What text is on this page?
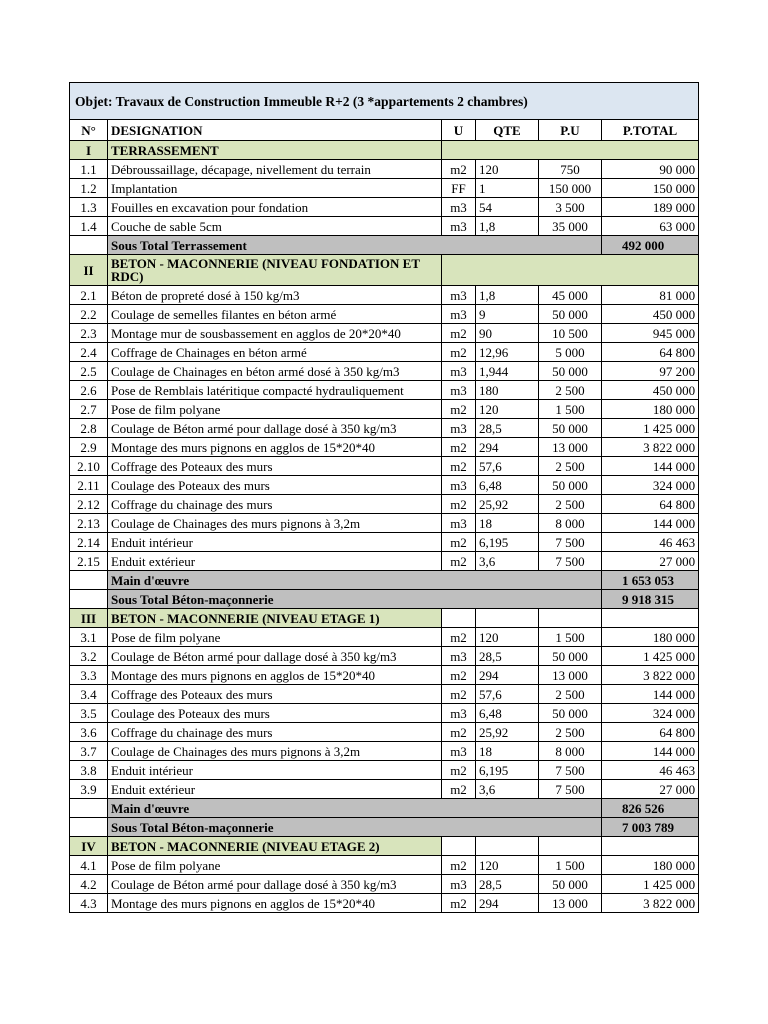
Objet: Travaux de Construction Immeuble R+2 (3 *appartements 2 chambres)					
N°	DESIGNATION	U	QTE	P.U	P.TOTAL
I	TERRASSEMENT				
1.1	Débroussaillage, décapage, nivellement du terrain	m2	120	750	90 000
1.2	Implantation	FF	1	150 000	150 000
1.3	Fouilles en excavation pour fondation	m3	54	3 500	189 000
1.4	Couche de sable 5cm	m3	1,8	35 000	63 000
	Sous Total Terrassement				492 000
II	BETON - MACONNERIE (NIVEAU FONDATION ET RDC)				
2.1	Béton de propreté dosé à 150 kg/m3	m3	1,8	45 000	81 000
2.2	Coulage de semelles filantes en béton armé	m3	9	50 000	450 000
2.3	Montage mur de sousbassement en agglos de 20*20*40	m2	90	10 500	945 000
2.4	Coffrage de Chainages en béton armé	m2	12,96	5 000	64 800
2.5	Coulage de Chainages en béton armé dosé à 350 kg/m3	m3	1,944	50 000	97 200
2.6	Pose de Remblais latéritique compacté hydrauliquement	m3	180	2 500	450 000
2.7	Pose de film polyane	m2	120	1 500	180 000
2.8	Coulage de Béton armé pour dallage dosé à 350 kg/m3	m3	28,5	50 000	1 425 000
2.9	Montage des murs pignons en agglos de 15*20*40	m2	294	13 000	3 822 000
2.10	Coffrage des Poteaux des murs	m2	57,6	2 500	144 000
2.11	Coulage des Poteaux des murs	m3	6,48	50 000	324 000
2.12	Coffrage du chainage des murs	m2	25,92	2 500	64 800
2.13	Coulage de Chainages des murs pignons à 3,2m	m3	18	8 000	144 000
2.14	Enduit intérieur	m2	6,195	7 500	46 463
2.15	Enduit extérieur	m2	3,6	7 500	27 000
	Main d'œuvre				1 653 053
	Sous Total Béton-maçonnerie				9 918 315
III	BETON - MACONNERIE (NIVEAU ETAGE 1)				
3.1	Pose de film polyane	m2	120	1 500	180 000
3.2	Coulage de Béton armé pour dallage dosé à 350 kg/m3	m3	28,5	50 000	1 425 000
3.3	Montage des murs pignons en agglos de 15*20*40	m2	294	13 000	3 822 000
3.4	Coffrage des Poteaux des murs	m2	57,6	2 500	144 000
3.5	Coulage des Poteaux des murs	m3	6,48	50 000	324 000
3.6	Coffrage du chainage des murs	m2	25,92	2 500	64 800
3.7	Coulage de Chainages des murs pignons à 3,2m	m3	18	8 000	144 000
3.8	Enduit intérieur	m2	6,195	7 500	46 463
3.9	Enduit extérieur	m2	3,6	7 500	27 000
	Main d'œuvre				826 526
	Sous Total Béton-maçonnerie				7 003 789
IV	BETON - MACONNERIE (NIVEAU ETAGE 2)				
4.1	Pose de film polyane	m2	120	1 500	180 000
4.2	Coulage de Béton armé pour dallage dosé à 350 kg/m3	m3	28,5	50 000	1 425 000
4.3	Montage des murs pignons en agglos de 15*20*40	m2	294	13 000	3 822 000
